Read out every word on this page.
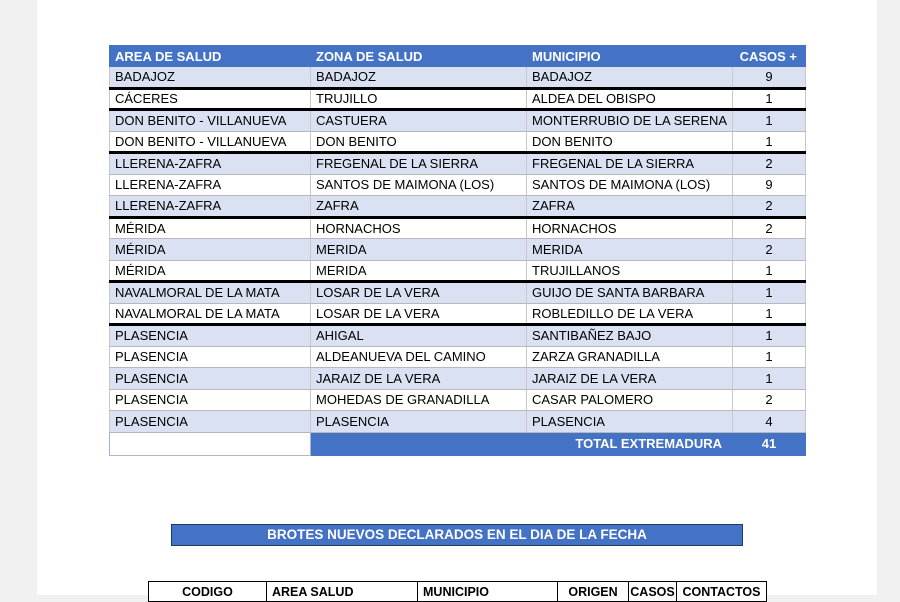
AREA DE SALUD	ZONA DE SALUD	MUNICIPIO	CASOS +
BADAJOZ	BADAJOZ	BADAJOZ	9
CÁCERES	TRUJILLO	ALDEA DEL OBISPO	1
DON BENITO - VILLANUEVA	CASTUERA	MONTERRUBIO DE LA SERENA	1
DON BENITO - VILLANUEVA	DON BENITO	DON BENITO	1
LLERENA-ZAFRA	FREGENAL DE LA SIERRA	FREGENAL DE LA SIERRA	2
LLERENA-ZAFRA	SANTOS DE MAIMONA (LOS)	SANTOS DE MAIMONA (LOS)	9
LLERENA-ZAFRA	ZAFRA	ZAFRA	2
MÉRIDA	HORNACHOS	HORNACHOS	2
MÉRIDA	MERIDA	MERIDA	2
MÉRIDA	MERIDA	TRUJILLANOS	1
NAVALMORAL DE LA MATA	LOSAR DE LA VERA	GUIJO DE SANTA BARBARA	1
NAVALMORAL DE LA MATA	LOSAR DE LA VERA	ROBLEDILLO DE LA VERA	1
PLASENCIA	AHIGAL	SANTIBAÑEZ BAJO	1
PLASENCIA	ALDEANUEVA DEL CAMINO	ZARZA GRANADILLA	1
PLASENCIA	JARAIZ DE LA VERA	JARAIZ DE LA VERA	1
PLASENCIA	MOHEDAS DE GRANADILLA	CASAR PALOMERO	2
PLASENCIA	PLASENCIA	PLASENCIA	4
	TOTAL EXTREMADURA		41
BROTES NUEVOS DECLARADOS EN EL DIA DE LA FECHA
CODIGO	AREA SALUD	MUNICIPIO	ORIGEN	CASOS	CONTACTOS
